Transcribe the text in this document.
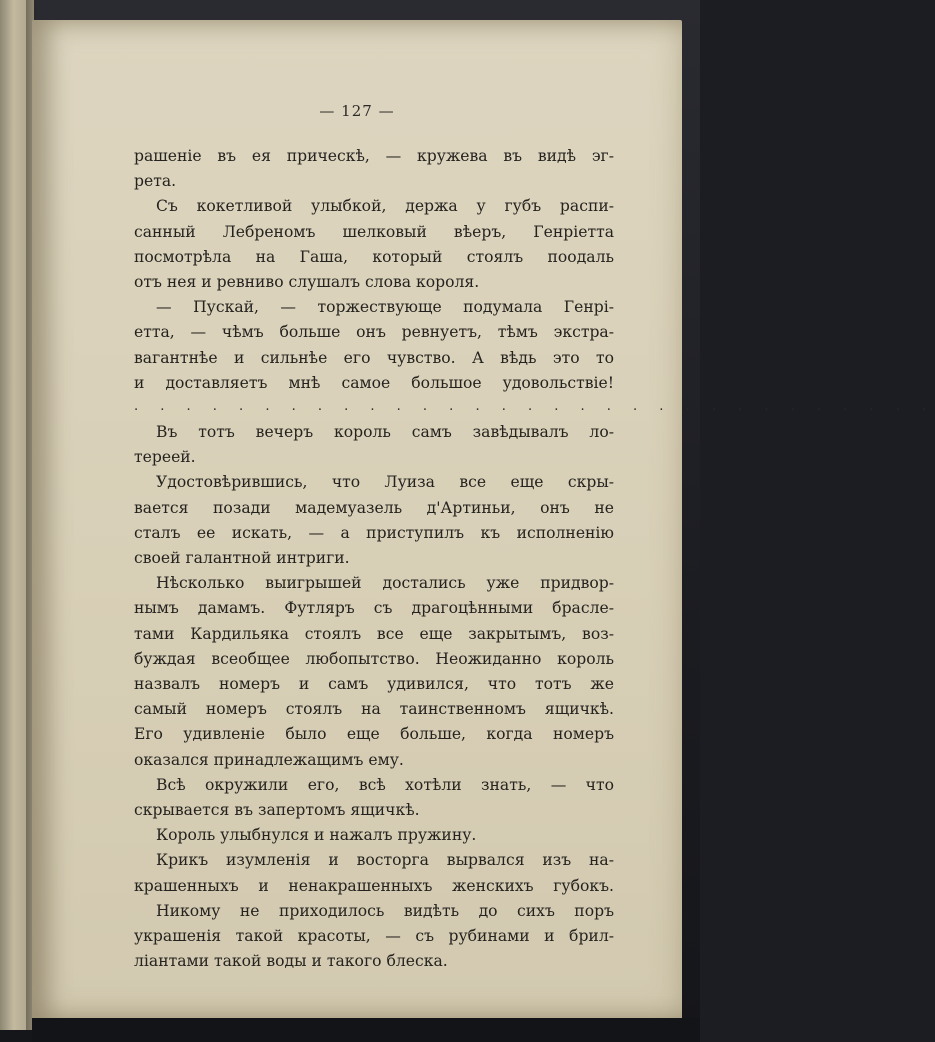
— 127 —
рашеніе въ ея прическѣ, — кружева въ видѣ эг-
рета.
Съ кокетливой улыбкой, держа у губъ распи-
санный Лебреномъ шелковый вѣеръ, Генріетта
посмотрѣла на Гаша, который стоялъ поодаль
отъ нея и ревниво слушалъ слова короля.
— Пускай, — торжествующе подумала Генрі-
етта, — чѣмъ больше онъ ревнуетъ, тѣмъ экстра-
вагантнѣе и сильнѣе его чувство. А вѣдь это то
и доставляетъ мнѣ самое большое удовольствіе!
. . . . . . . . . . . . . . . . . . . . . . . . . . . . . . .
Въ тотъ вечеръ король самъ завѣдывалъ ло-
тереей.
Удостовѣрившись, что Луиза все еще скры-
вается позади мадемуазель д'Артиньи, онъ не
сталъ ее искать, — а приступилъ къ исполненію
своей галантной интриги.
Нѣсколько выигрышей достались уже придвор-
нымъ дамамъ. Футляръ съ драгоцѣнными брасле-
тами Кардильяка стоялъ все еще закрытымъ, воз-
буждая всеобщее любопытство. Неожиданно король
назвалъ номеръ и самъ удивился, что тотъ же
самый номеръ стоялъ на таинственномъ ящичкѣ.
Его удивленіе было еще больше, когда номеръ
оказался принадлежащимъ ему.
Всѣ окружили его, всѣ хотѣли знать, — что
скрывается въ запертомъ ящичкѣ.
Король улыбнулся и нажалъ пружину.
Крикъ изумленія и восторга вырвался изъ на-
крашенныхъ и ненакрашенныхъ женскихъ губокъ.
Никому не приходилось видѣть до сихъ поръ
украшенія такой красоты, — съ рубинами и брил-
ліантами такой воды и такого блеска.
